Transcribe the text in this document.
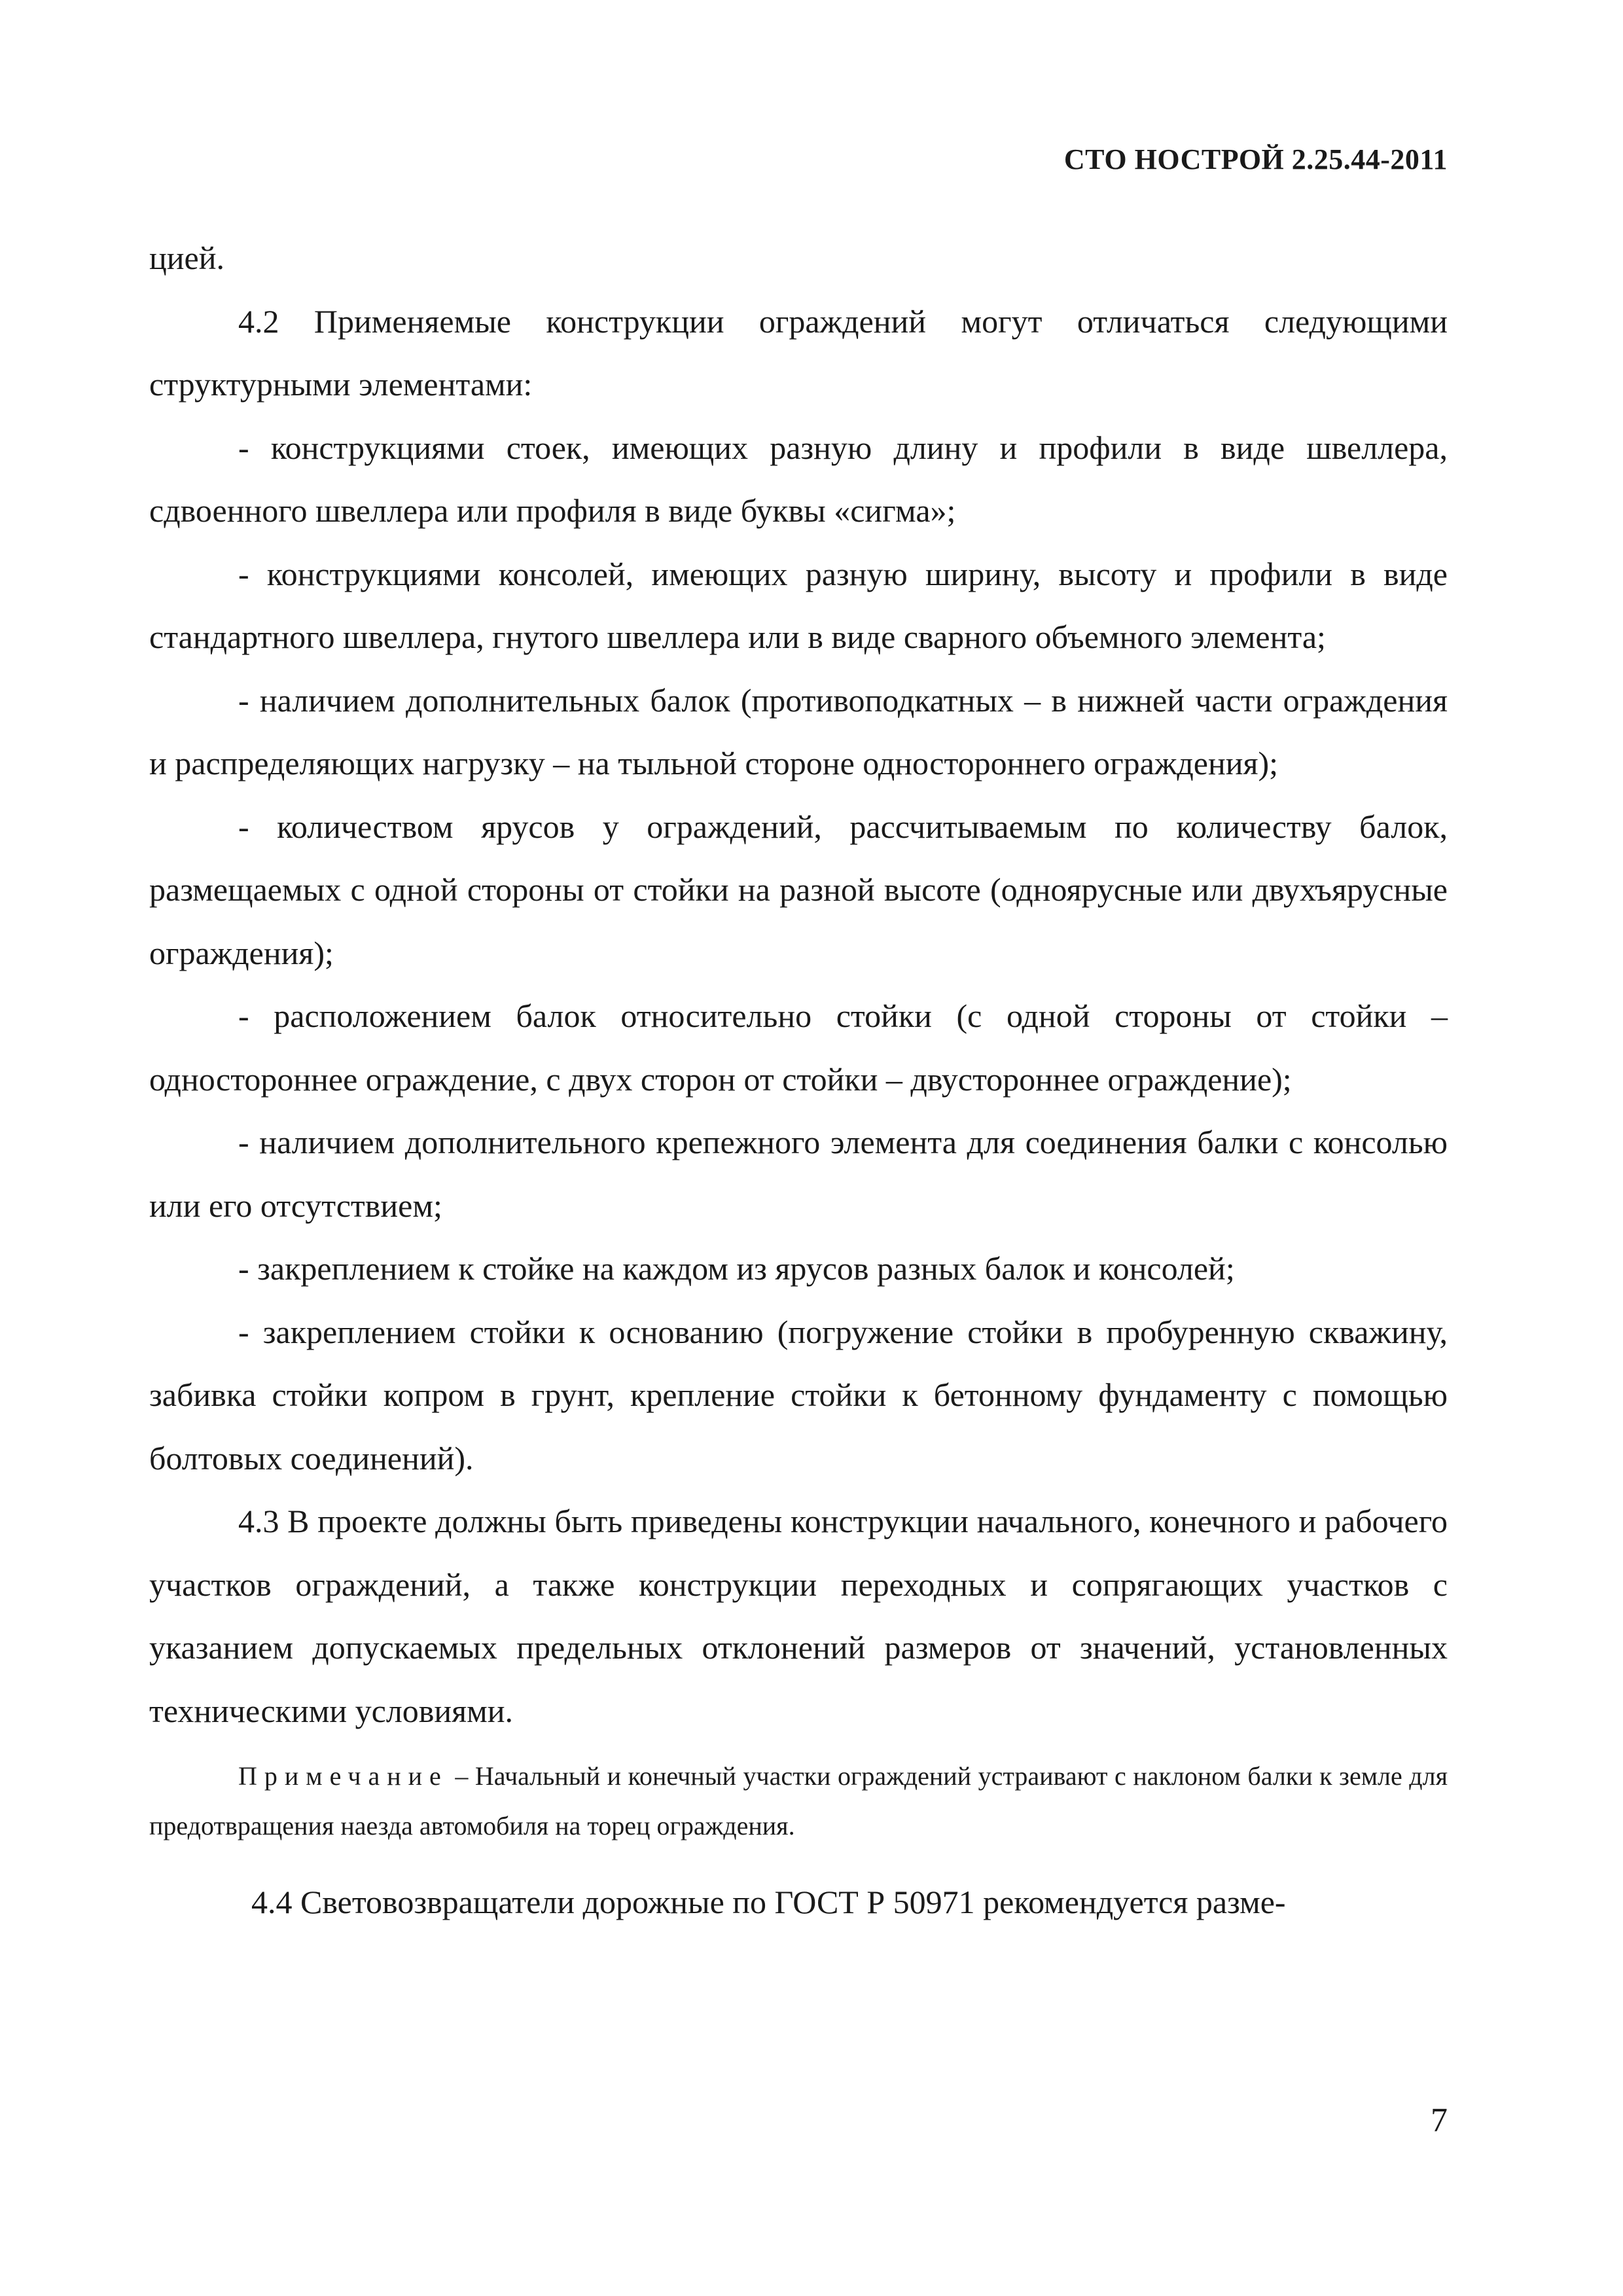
СТО НОСТРОЙ 2.25.44-2011

цией.

4.2 Применяемые конструкции ограждений могут отличаться следующими структурными элементами:

- конструкциями стоек, имеющих разную длину и профили в виде швеллера, сдвоенного швеллера или профиля в виде буквы «сигма»;

- конструкциями консолей, имеющих разную ширину, высоту и профили в виде стандартного швеллера, гнутого швеллера или в виде сварного объемного элемента;

- наличием дополнительных балок (противоподкатных – в нижней части ограждения и распределяющих нагрузку – на тыльной стороне одностороннего ограждения);

- количеством ярусов у ограждений, рассчитываемым по количеству балок, размещаемых с одной стороны от стойки на разной высоте (одноярусные или двухъярусные ограждения);

- расположением балок относительно стойки (с одной стороны от стойки – одностороннее ограждение, с двух сторон от стойки – двустороннее ограждение);

- наличием дополнительного крепежного элемента для соединения балки с консолью или его отсутствием;

- закреплением к стойке на каждом из ярусов разных балок и консолей;

- закреплением стойки к основанию (погружение стойки в пробуренную скважину, забивка стойки копром в грунт, крепление стойки к бетонному фундаменту с помощью болтовых соединений).

4.3 В проекте должны быть приведены конструкции начального, конечного и рабочего участков ограждений, а также конструкции переходных и сопрягающих участков с указанием допускаемых предельных отклонений размеров от значений, установленных техническими условиями.

Примечание – Начальный и конечный участки ограждений устраивают с наклоном балки к земле для предотвращения наезда автомобиля на торец ограждения.

4.4 Световозвращатели дорожные по ГОСТ Р 50971 рекомендуется разме-

7
